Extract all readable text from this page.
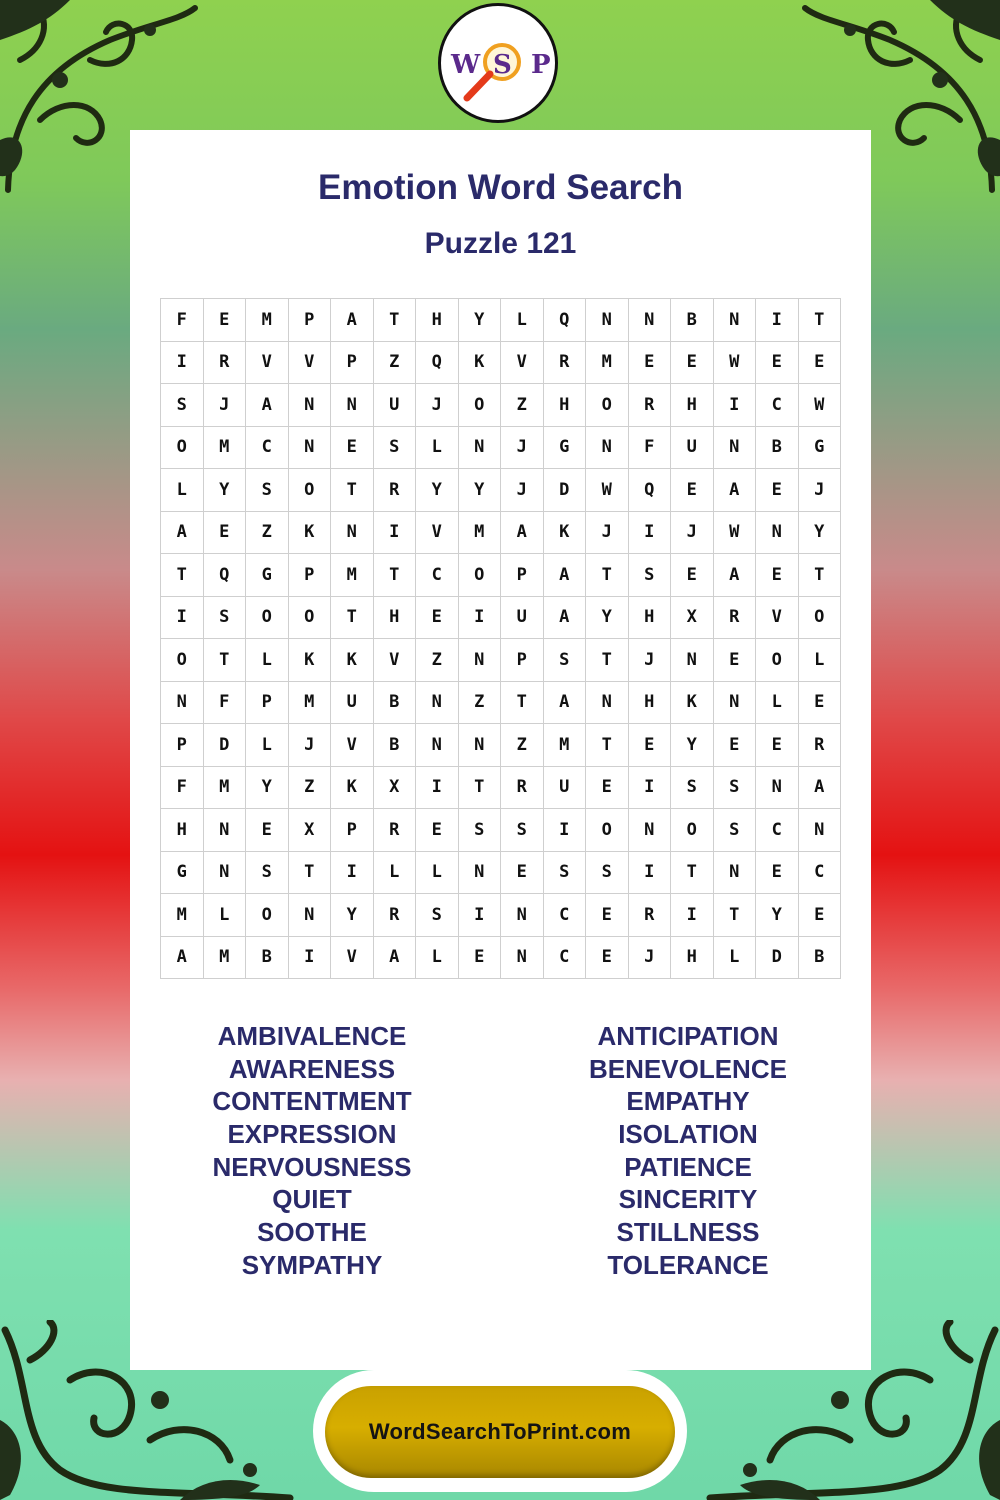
W S P
Emotion Word Search
Puzzle 121
F	E	M	P	A	T	H	Y	L	Q	N	N	B	N	I	T
I	R	V	V	P	Z	Q	K	V	R	M	E	E	W	E	E
S	J	A	N	N	U	J	O	Z	H	O	R	H	I	C	W
O	M	C	N	E	S	L	N	J	G	N	F	U	N	B	G
L	Y	S	O	T	R	Y	Y	J	D	W	Q	E	A	E	J
A	E	Z	K	N	I	V	M	A	K	J	I	J	W	N	Y
T	Q	G	P	M	T	C	O	P	A	T	S	E	A	E	T
I	S	O	O	T	H	E	I	U	A	Y	H	X	R	V	O
O	T	L	K	K	V	Z	N	P	S	T	J	N	E	O	L
N	F	P	M	U	B	N	Z	T	A	N	H	K	N	L	E
P	D	L	J	V	B	N	N	Z	M	T	E	Y	E	E	R
F	M	Y	Z	K	X	I	T	R	U	E	I	S	S	N	A
H	N	E	X	P	R	E	S	S	I	O	N	O	S	C	N
G	N	S	T	I	L	L	N	E	S	S	I	T	N	E	C
M	L	O	N	Y	R	S	I	N	C	E	R	I	T	Y	E
A	M	B	I	V	A	L	E	N	C	E	J	H	L	D	B
AMBIVALENCE
AWARENESS
CONTENTMENT
EXPRESSION
NERVOUSNESS
QUIET
SOOTHE
SYMPATHY
ANTICIPATION
BENEVOLENCE
EMPATHY
ISOLATION
PATIENCE
SINCERITY
STILLNESS
TOLERANCE
WordSearchToPrint.com
